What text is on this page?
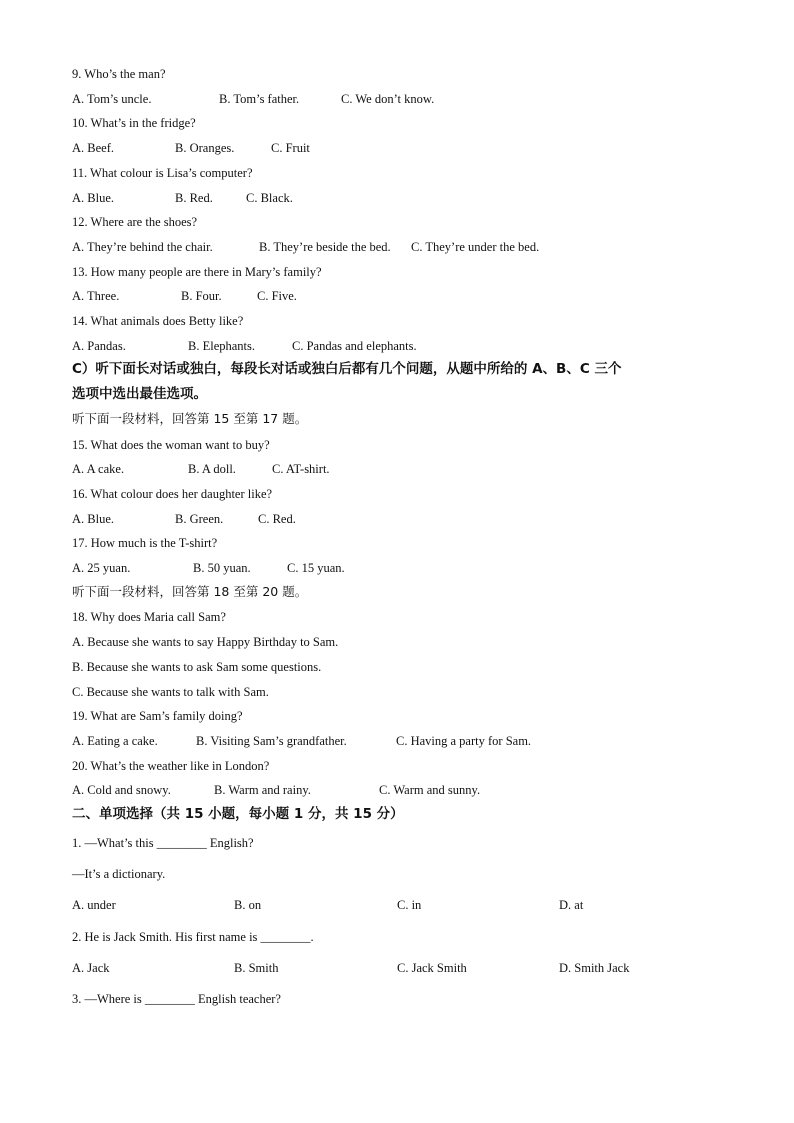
9. Who’s the man?
A. Tom’s uncle.	B. Tom’s father.	C. We don’t know.
10. What’s in the fridge?
A. Beef.	B. Oranges.	C. Fruit
11. What colour is Lisa’s computer?
A. Blue.	B. Red.	C. Black.
12. Where are the shoes?
A. They’re behind the chair.	B. They’re beside the bed. C. They’re under the bed.
13. How many people are there in Mary’s family?
A. Three.	B. Four.	C. Five.
14. What animals does Betty like?
A. Pandas.	B. Elephants.	C. Pandas and elephants.
C）听下面长对话或独白，每段长对话或独白后都有几个问题，从题中所给的 A、B、C 三个
选项中选出最佳选项。
听下面一段材料，回答第 15 至第 17 题。
15. What does the woman want to buy?
A. A cake.	B. A doll.	C. AT-shirt.
16. What colour does her daughter like?
A. Blue.	B. Green.	C. Red.
17. How much is the T-shirt?
A. 25 yuan.	B. 50 yuan.	C. 15 yuan.
听下面一段材料，回答第 18 至第 20 题。
18. Why does Maria call Sam?
A. Because she wants to say Happy Birthday to Sam.
B. Because she wants to ask Sam some questions.
C. Because she wants to talk with Sam.
19. What are Sam’s family doing?
A. Eating a cake.	B. Visiting Sam’s grandfather.	C. Having a party for Sam.
20. What’s the weather like in London?
A. Cold and snowy.	B. Warm and rainy.	C. Warm and sunny.
二、单项选择（共 15 小题，每小题 1 分，共 15 分）
1. —What’s this ________ English?
—It’s a dictionary.
A. under	B. on	C. in	D. at
2. He is Jack Smith. His first name is ________.
A. Jack	B. Smith	C. Jack Smith	D. Smith Jack
3. —Where is ________ English teacher?
